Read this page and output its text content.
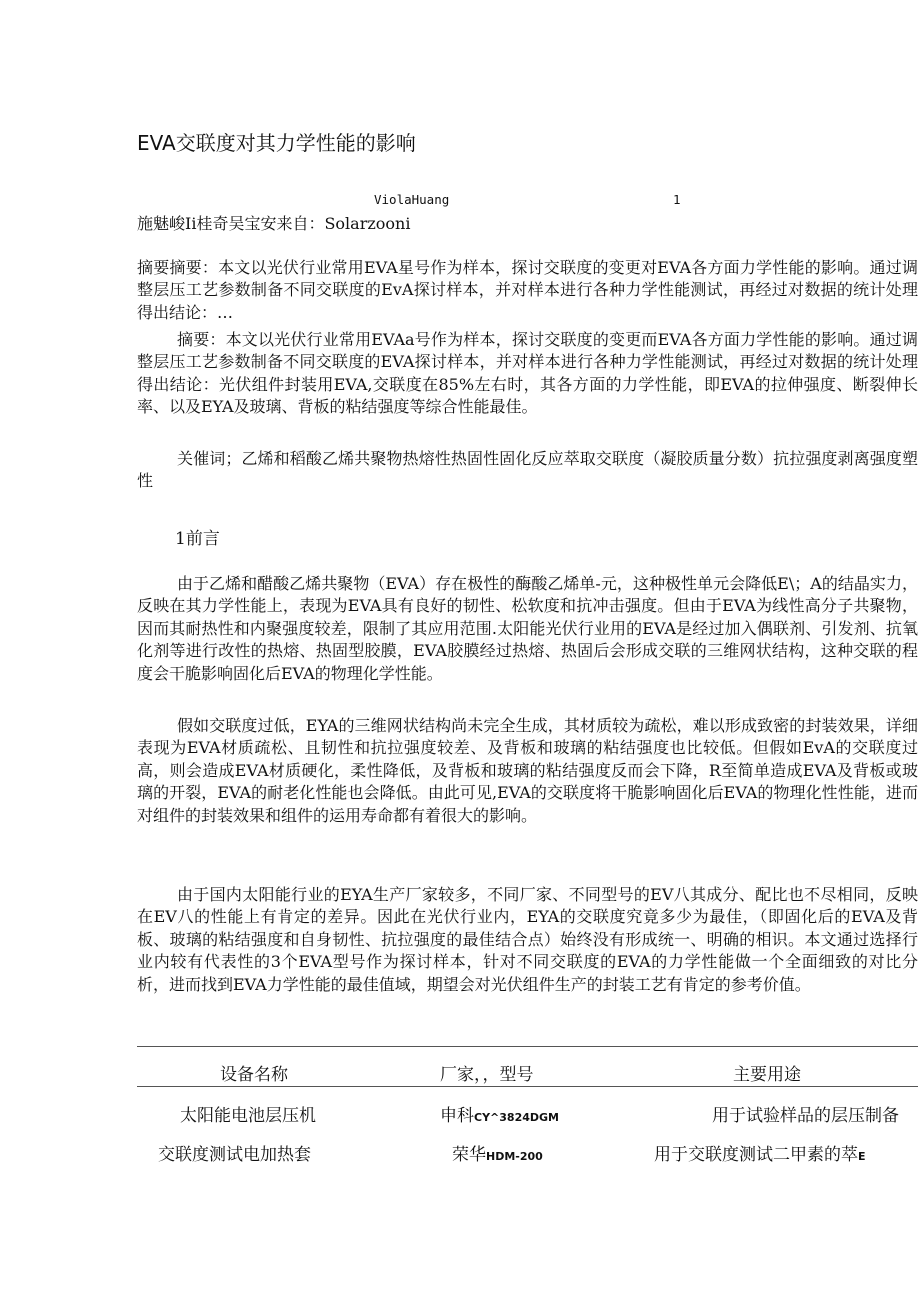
EVA交联度对其力学性能的影响
ViolaHuang	1
施魅峻Ii桂奇吴宝安来自：Solarzooni

摘要摘要：本文以光伏行业常用EVA星号作为样本，探讨交联度的变更对EVA各方面力学性能的影响。通过调整层压工艺参数制备不同交联度的EvA探讨样本，并对样本进行各种力学性能测试，再经过对数据的统计处理得出结论：…

摘要：本文以光伏行业常用EVAa号作为样本，探讨交联度的变更而EVA各方面力学性能的影响。通过调整层压工艺参数制备不同交联度的EVA探讨样本，并对样本进行各种力学性能测试，再经过对数据的统计处理得出结论：光伏组件封装用EVA,交联度在85%左右时，其各方面的力学性能，即EVA的拉伸强度、断裂伸长率、以及EYA及玻璃、背板的粘结强度等综合性能最佳。

关催词；乙烯和稻酸乙烯共聚物热熔性热固性固化反应萃取交联度（凝胶质量分数）抗拉强度剥离强度塑性

1前言

由于乙烯和醋酸乙烯共聚物（EVA）存在极性的酶酸乙烯单-元，这种极性单元会降低E\；A的结晶实力，反映在其力学性能上，表现为EVA具有良好的韧性、松软度和抗冲击强度。但由于EVA为线性高分子共聚物，因而其耐热性和内聚强度较差，限制了其应用范围.太阳能光伏行业用的EVA是经过加入偶联剂、引发剂、抗氧化剂等进行改性的热熔、热固型胶膜，EVA胶膜经过热熔、热固后会形成交联的三维网状结构，这种交联的程度会干脆影响固化后EVA的物理化学性能。

假如交联度过低，EYA的三维网状结构尚未完全生成，其材质较为疏松，难以形成致密的封装效果，详细表现为EVA材质疏松、且韧性和抗拉强度较差、及背板和玻璃的粘结强度也比较低。但假如EvA的交联度过高，则会造成EVA材质硬化，柔性降低，及背板和玻璃的粘结强度反而会下降，R至简单造成EVA及背板或玻璃的开裂，EVA的耐老化性能也会降低。由此可见,EVA的交联度将干脆影响固化后EVA的物理化性性能，进而对组件的封装效果和组件的运用寿命都有着很大的影响。

由于国内太阳能行业的EYA生产厂家较多，不同厂家、不同型号的EV八其成分、配比也不尽相同，反映在EV八的性能上有肯定的差异。因此在光伏行业内，EYA的交联度究竟多少为最佳，（即固化后的EVA及背板、玻璃的粘结强度和自身韧性、抗拉强度的最佳结合点）始终没有形成统一、明确的相识。本文通过选择行业内较有代表性的3个EVA型号作为探讨样本，针对不同交联度的EVA的力学性能做一个全面细致的对比分析，进而找到EVA力学性能的最佳值域，期望会对光伏组件生产的封装工艺有肯定的参考价值。

设备名称	厂家，，型号	主要用途
太阳能电池层压机	申科CY^3824DGM	用于试验样品的层压制备
交联度测试电加热套	荣华HDM-200	用于交联度测试二甲素的萃E
